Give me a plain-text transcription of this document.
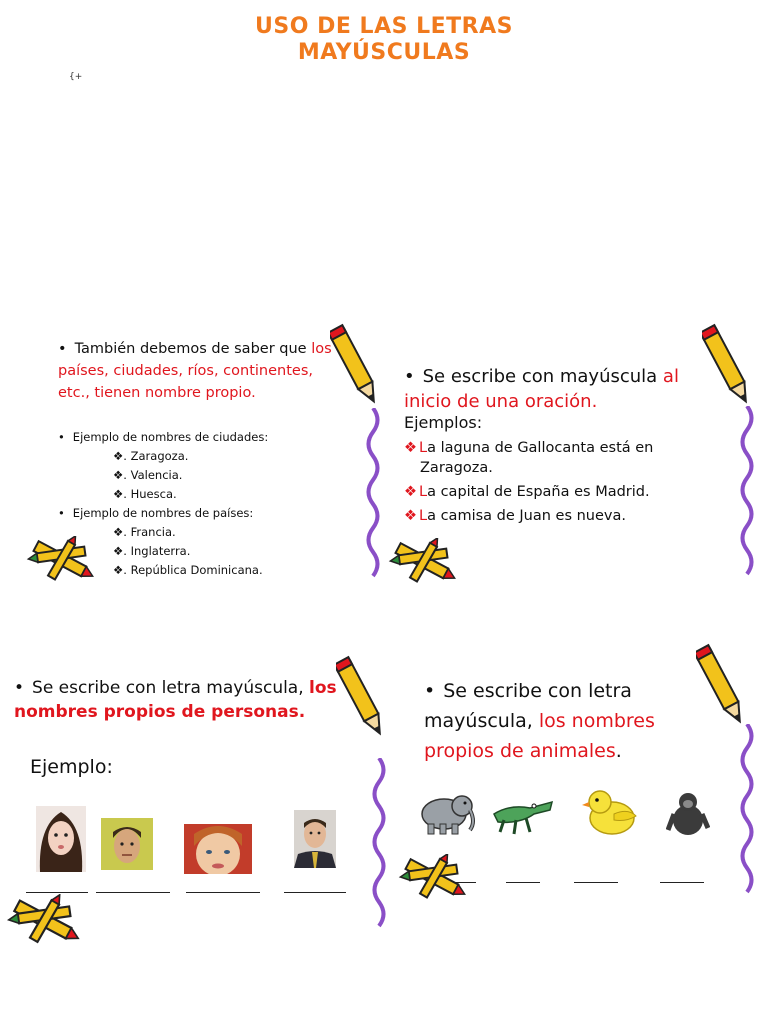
USO DE LAS LETRAS
MAYÚSCULAS
{+
• También debemos de saber que los países, ciudades, ríos, continentes, etc., tienen nombre propio.
• Ejemplo de nombres de ciudades:
❖. Zaragoza.
❖. Valencia.
❖. Huesca.
• Ejemplo de nombres de países:
❖. Francia.
❖. Inglaterra.
❖. República Dominicana.
• Se escribe con mayúscula al inicio de una oración.
Ejemplos:
❖ La laguna de Gallocanta está en Zaragoza.
❖ La capital de España es Madrid.
❖ La camisa de Juan es nueva.
• Se escribe con letra mayúscula, los nombres propios de personas.
Ejemplo:
• Se escribe con letra mayúscula, los nombres propios de animales.
